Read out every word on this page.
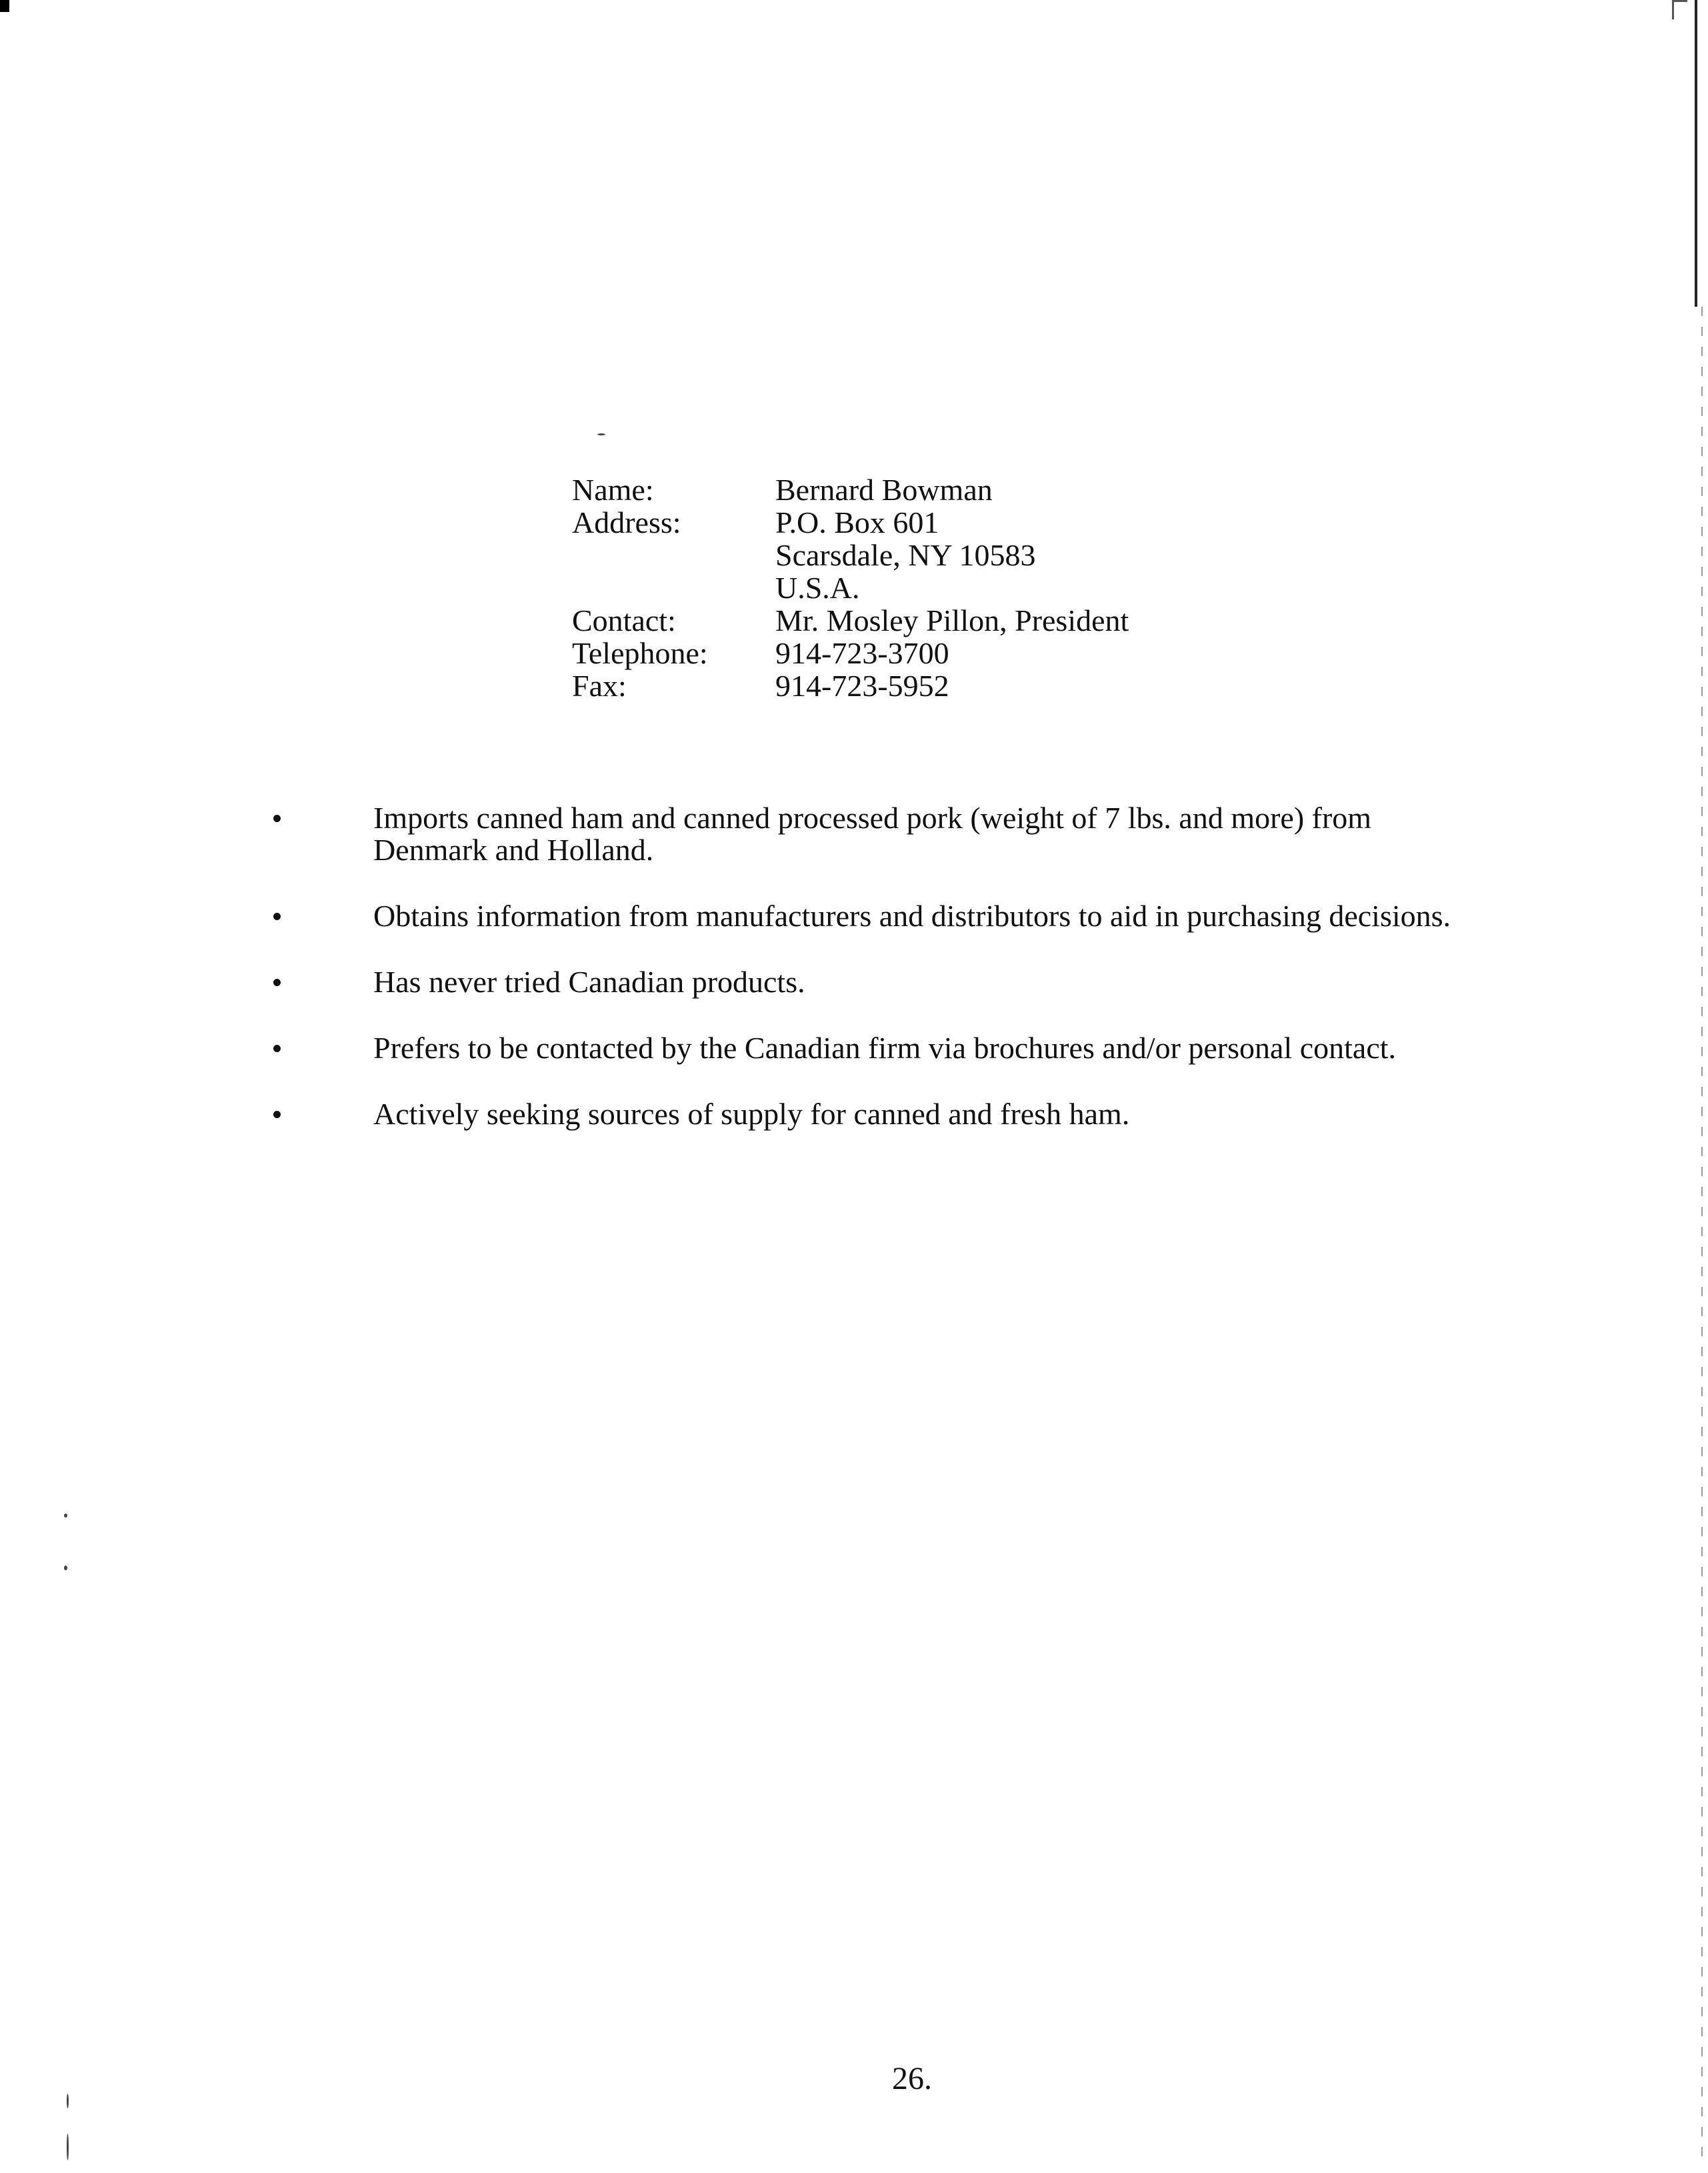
Name:	Bernard Bowman
Address:	P.O. Box 601
Scarsdale, NY 10583
U.S.A.
Contact:	Mr. Mosley Pillon, President
Telephone:	914-723-3700
Fax:	914-723-5952
Imports canned ham and canned processed pork (weight of 7 lbs. and more) from
Denmark and Holland.
Obtains information from manufacturers and distributors to aid in purchasing decisions.
Has never tried Canadian products.
Prefers to be contacted by the Canadian firm via brochures and/or personal contact.
Actively seeking sources of supply for canned and fresh ham.
26.
